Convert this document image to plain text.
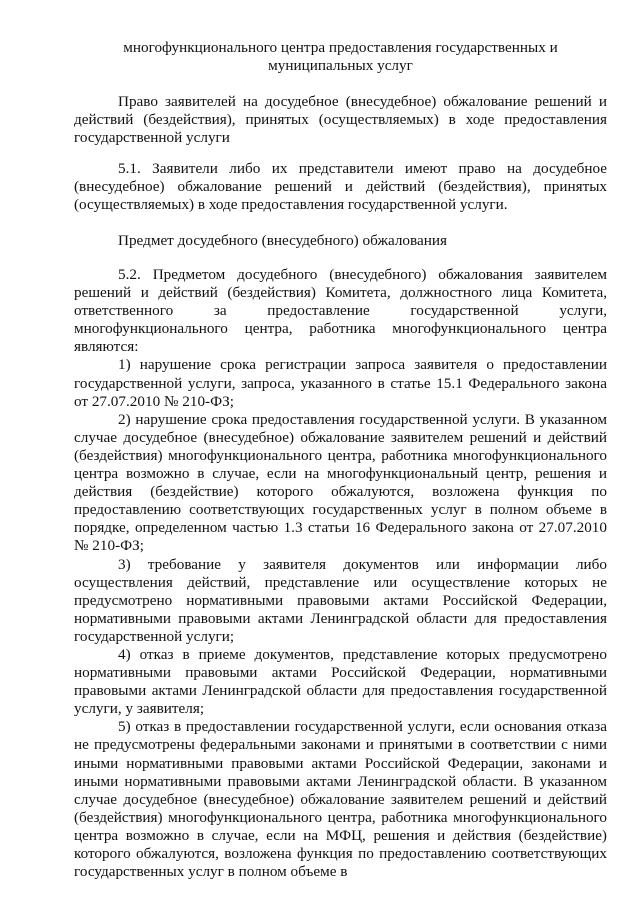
многофункционального центра предоставления государственных и
муниципальных услуг

Право заявителей на досудебное (внесудебное) обжалование решений и действий (бездействия), принятых (осуществляемых) в ходе предоставления государственной услуги

5.1. Заявители либо их представители имеют право на досудебное (внесудебное) обжалование решений и действий (бездействия), принятых (осуществляемых) в ходе предоставления государственной услуги.

Предмет досудебного (внесудебного) обжалования

5.2. Предметом досудебного (внесудебного) обжалования заявителем решений и действий (бездействия) Комитета, должностного лица Комитета, ответственного за предоставление государственной услуги, многофункционального центра, работника многофункционального центра являются:

1) нарушение срока регистрации запроса заявителя о предоставлении государственной услуги, запроса, указанного в статье 15.1 Федерального закона от 27.07.2010 № 210-ФЗ;

2) нарушение срока предоставления государственной услуги. В указанном случае досудебное (внесудебное) обжалование заявителем решений и действий (бездействия) многофункционального центра, работника многофункционального центра возможно в случае, если на многофункциональный центр, решения и действия (бездействие) которого обжалуются, возложена функция по предоставлению соответствующих государственных услуг в полном объеме в порядке, определенном частью 1.3 статьи 16 Федерального закона от 27.07.2010 № 210-ФЗ;

3) требование у заявителя документов или информации либо осуществления действий, представление или осуществление которых не предусмотрено нормативными правовыми актами Российской Федерации, нормативными правовыми актами Ленинградской области для предоставления государственной услуги;

4) отказ в приеме документов, представление которых предусмотрено нормативными правовыми актами Российской Федерации, нормативными правовыми актами Ленинградской области для предоставления государственной услуги, у заявителя;

5) отказ в предоставлении государственной услуги, если основания отказа не предусмотрены федеральными законами и принятыми в соответствии с ними иными нормативными правовыми актами Российской Федерации, законами и иными нормативными правовыми актами Ленинградской области. В указанном случае досудебное (внесудебное) обжалование заявителем решений и действий (бездействия) многофункционального центра, работника многофункционального центра возможно в случае, если на МФЦ, решения и действия (бездействие) которого обжалуются, возложена функция по предоставлению соответствующих государственных услуг в полном объеме в
